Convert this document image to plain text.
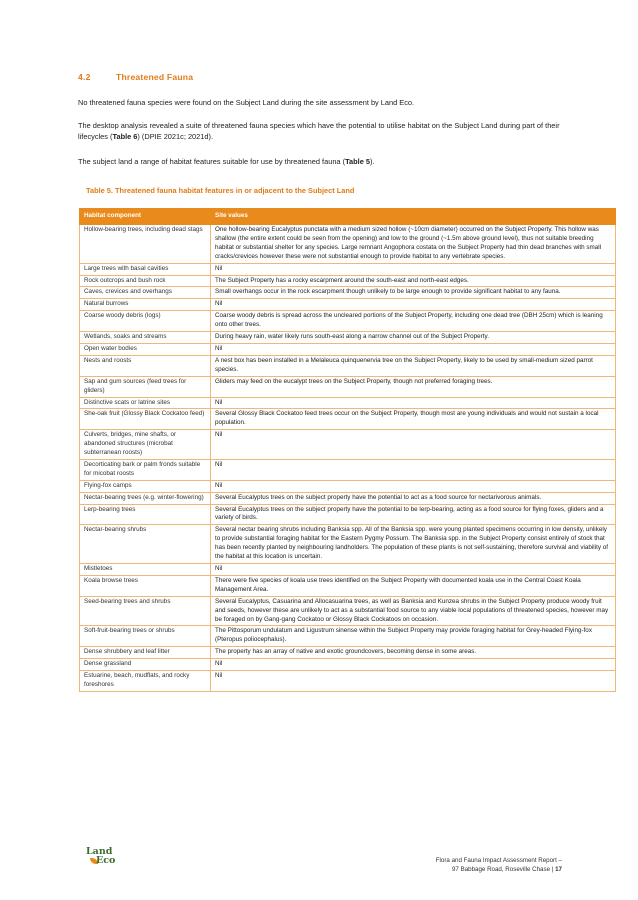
4.2	Threatened Fauna
No threatened fauna species were found on the Subject Land during the site assessment by Land Eco.
The desktop analysis revealed a suite of threatened fauna species which have the potential to utilise habitat on the Subject Land during part of their lifecycles (Table 6) (DPIE 2021c; 2021d).
The subject land a range of habitat features suitable for use by threatened fauna (Table 5).
Table 5. Threatened fauna habitat features in or adjacent to the Subject Land
Habitat component	Site values
Hollow-bearing trees, including dead stags	One hollow-bearing Eucalyptus punctata with a medium sized hollow (~10cm diameter) occurred on the Subject Property. This hollow was shallow (the entire extent could be seen from the opening) and low to the ground (~1.5m above ground level), thus not suitable breeding habitat or substantial shelter for any species. Large remnant Angophora costata on the Subject Property had thin dead branches with small cracks/crevices however these were not substantial enough to provide habitat to any vertebrate species.
Large trees with basal cavities	Nil
Rock outcrops and bush rock	The Subject Property has a rocky escarpment around the south-east and north-east edges.
Caves, crevices and overhangs	Small overhangs occur in the rock escarpment though unlikely to be large enough to provide significant habitat to any fauna.
Natural burrows	Nil
Coarse woody debris (logs)	Coarse woody debris is spread across the uncleared portions of the Subject Property, including one dead tree (DBH 25cm) which is leaning onto other trees.
Wetlands, soaks and streams	During heavy rain, water likely runs south-east along a narrow channel out of the Subject Property.
Open water bodies	Nil
Nests and roosts	A nest box has been installed in a Melaleuca quinquenervia tree on the Subject Property, likely to be used by small-medium sized parrot species.
Sap and gum sources (feed trees for gliders)	Gliders may feed on the eucalypt trees on the Subject Property, though not preferred foraging trees.
Distinctive scats or latrine sites	Nil
She-oak fruit (Glossy Black Cockatoo feed)	Several Glossy Black Cockatoo feed trees occur on the Subject Property, though most are young individuals and would not sustain a local population.
Culverts, bridges, mine shafts, or abandoned structures (microbat subterranean roosts)	Nil
Decorticating bark or palm fronds suitable for micobat roosts	Nil
Flying-fox camps	Nil
Nectar-bearing trees (e.g. winter-flowering)	Several Eucalyptus trees on the subject property have the potential to act as a food source for nectarivorous animals.
Lerp-bearing trees	Several Eucalyptus trees on the subject property have the potential to be lerp-bearing, acting as a food source for flying foxes, gliders and a variety of birds.
Nectar-bearing shrubs	Several nectar bearing shrubs including Banksia spp. All of the Banksia spp. were young planted specimens occurring in low density, unlikely to provide substantial foraging habitat for the Eastern Pygmy Possum. The Banksia spp. in the Subject Property consist entirely of stock that has been recently planted by neighbouring landholders. The population of these plants is not self-sustaining, therefore survival and viability of the habitat at this location is uncertain.
Mistletoes	Nil
Koala browse trees	There were five species of koala use trees identified on the Subject Property with documented koala use in the Central Coast Koala Management Area.
Seed-bearing trees and shrubs	Several Eucalyptus, Casuarina and Allocasuarina trees, as well as Banksia and Kunzea shrubs in the Subject Property produce woody fruit and seeds, however these are unlikely to act as a substantial food source to any viable local populations of threatened species, however may be foraged on by Gang-gang Cockatoo or Glossy Black Cockatoos on occasion.
Soft-fruit-bearing trees or shrubs	The Pittosporum undulatum and Ligustrum sinense within the Subject Property may provide foraging habitat for Grey-headed Flying-fox (Pteropus poliocephalus).
Dense shrubbery and leaf litter	The property has an array of native and exotic groundcovers, becoming dense in some areas.
Dense grassland	Nil
Estuarine, beach, mudflats, and rocky foreshores	Nil
Land
Eco	Flora and Fauna Impact Assessment Report –
97 Babbage Road, Roseville Chase | 17
